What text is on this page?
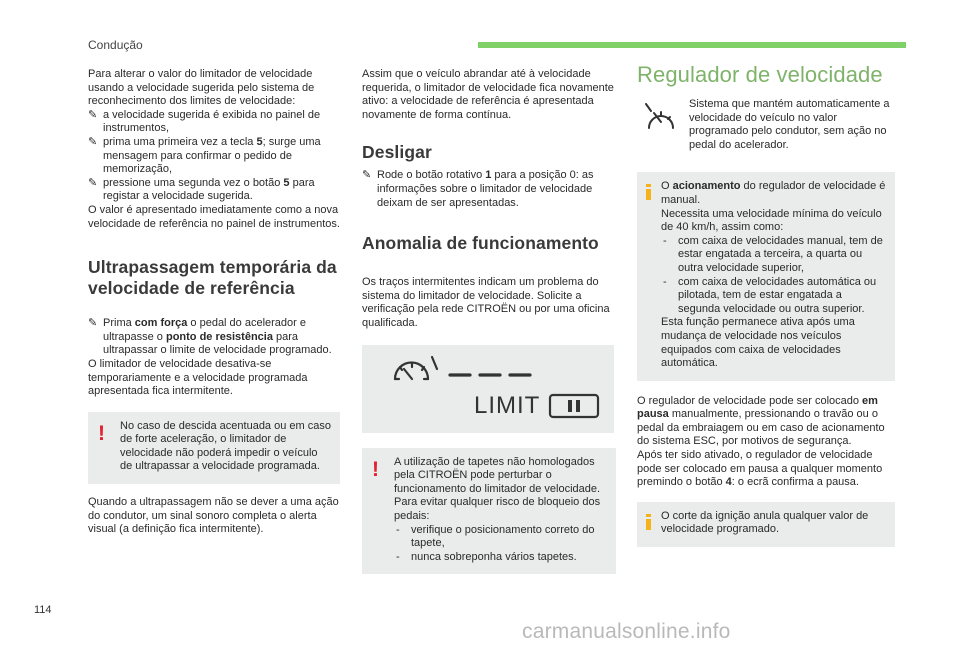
Condução

Para alterar o valor do limitador de velocidade usando a velocidade sugerida pelo sistema de reconhecimento dos limites de velocidade:

✎ a velocidade sugerida é exibida no painel de instrumentos,
✎ prima uma primeira vez a tecla 5; surge uma mensagem para confirmar o pedido de memorização,
✎ pressione uma segunda vez o botão 5 para registar a velocidade sugerida.

O valor é apresentado imediatamente como a nova velocidade de referência no painel de instrumentos.

Ultrapassagem temporária da velocidade de referência
✎ Prima com força o pedal do acelerador e ultrapasse o ponto de resistência para ultrapassar o limite de velocidade programado.

O limitador de velocidade desativa-se temporariamente e a velocidade programada apresentada fica intermitente.

! No caso de descida acentuada ou em caso de forte aceleração, o limitador de velocidade não poderá impedir o veículo de ultrapassar a velocidade programada.

Quando a ultrapassagem não se dever a uma ação do condutor, um sinal sonoro completa o alerta visual (a definição fica intermitente).

Assim que o veículo abrandar até à velocidade requerida, o limitador de velocidade fica novamente ativo: a velocidade de referência é apresentada novamente de forma contínua.

Desligar
✎ Rode o botão rotativo 1 para a posição 0: as informações sobre o limitador de velocidade deixam de ser apresentadas.
Anomalia de funcionamento

Os traços intermitentes indicam um problema do sistema do limitador de velocidade. Solicite a verificação pela rede CITROËN ou por uma oficina qualificada.

LIMIT
! A utilização de tapetes não homologados pela CITROËN pode perturbar o funcionamento do limitador de velocidade. Para evitar qualquer risco de bloqueio dos pedais:
- verifique o posicionamento correto do tapete,
- nunca sobreponha vários tapetes.
Regulador de velocidade
Sistema que mantém automaticamente a velocidade do veículo no valor programado pelo condutor, sem ação no pedal do acelerador.
O acionamento do regulador de velocidade é manual.

Necessita uma velocidade mínima do veículo de 40 km/h, assim como:

- com caixa de velocidades manual, tem de estar engatada a terceira, a quarta ou outra velocidade superior,
- com caixa de velocidades automática ou pilotada, tem de estar engatada a segunda velocidade ou outra superior.

Esta função permanece ativa após uma mudança de velocidade nos veículos equipados com caixa de velocidades automática.

O regulador de velocidade pode ser colocado em pausa manualmente, pressionando o travão ou o pedal da embraiagem ou em caso de acionamento do sistema ESC, por motivos de segurança.

Após ter sido ativado, o regulador de velocidade pode ser colocado em pausa a qualquer momento premindo o botão 4: o ecrã confirma a pausa.

O corte da ignição anula qualquer valor de velocidade programado.
114
carmanualsonline.info
